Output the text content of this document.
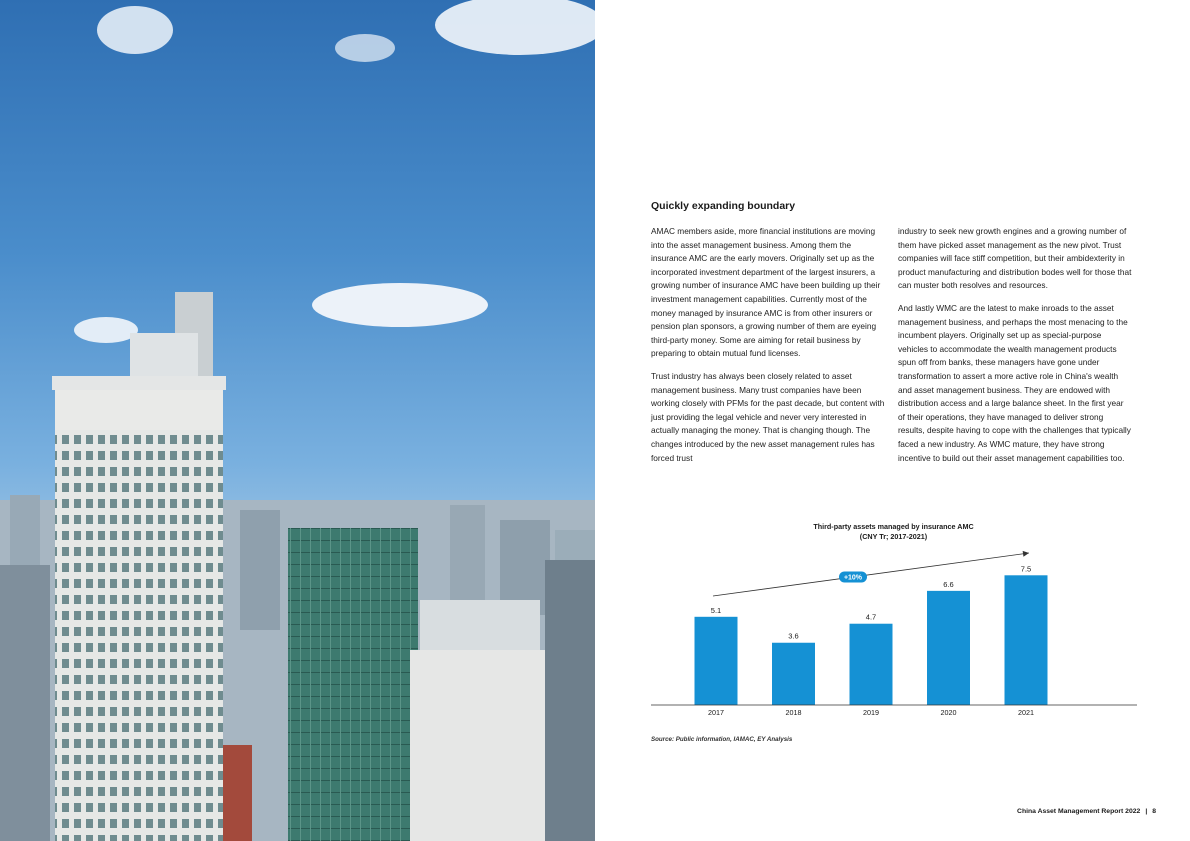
Quickly expanding boundary

AMAC members aside, more financial institutions are moving into the asset management business. Among them the insurance AMC are the early movers. Originally set up as the incorporated investment department of the largest insurers, a growing number of insurance AMC have been building up their investment management capabilities. Currently most of the money managed by insurance AMC is from other insurers or pension plan sponsors, a growing number of them are eyeing third-party money. Some are aiming for retail business by preparing to obtain mutual fund licenses.

Trust industry has always been closely related to asset management business. Many trust companies have been working closely with PFMs for the past decade, but content with just providing the legal vehicle and never very interested in actually managing the money. That is changing though. The changes introduced by the new asset management rules has forced trust

industry to seek new growth engines and a growing number of them have picked asset management as the new pivot. Trust companies will face stiff competition, but their ambidexterity in product manufacturing and distribution bodes well for those that can muster both resolves and resources.

And lastly WMC are the latest to make inroads to the asset management business, and perhaps the most menacing to the incumbent players. Originally set up as special-purpose vehicles to accommodate the wealth management products spun off from banks, these managers have gone under transformation to assert a more active role in China's wealth and asset management business. They are endowed with distribution access and a large balance sheet. In the first year of their operations, they have managed to deliver strong results, despite having to cope with the challenges that typically faced a new industry. As WMC mature, they have strong incentive to build out their asset management capabilities too.

Third-party assets managed by insurance AMC
(CNY Tr; 2017-2021)
5.1
2017
3.6
2018
4.7
2019
6.6
2020
7.5
2021
+10%
Source: Public information, IAMAC, EY Analysis
China Asset Management Report 2022 | 8
